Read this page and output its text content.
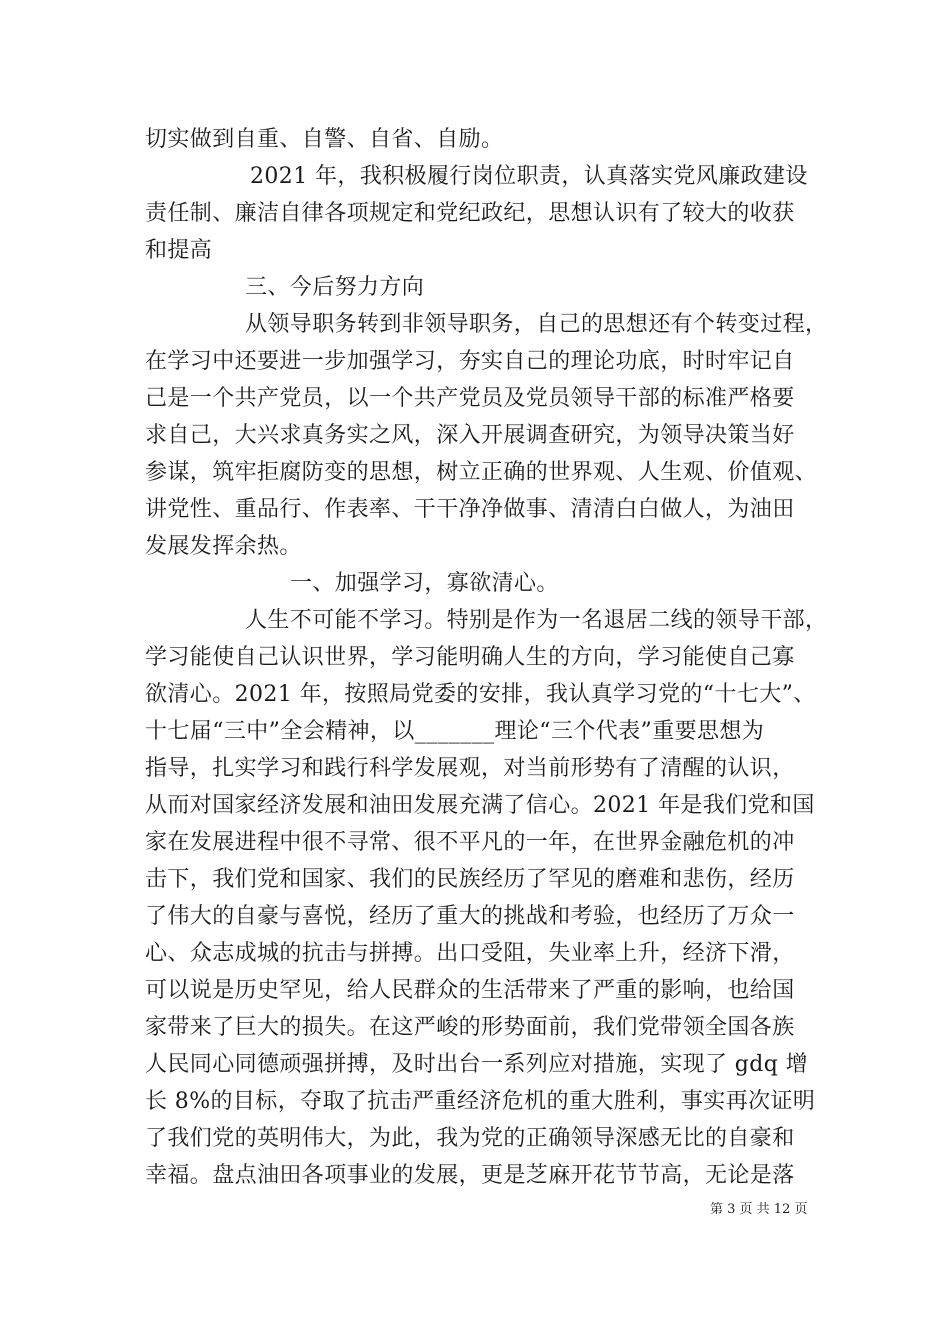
切实做到自重、自警、自省、自励。
2021 年，我积极履行岗位职责，认真落实党风廉政建设
责任制、廉洁自律各项规定和党纪政纪，思想认识有了较大的收获
和提高
三、今后努力方向
从领导职务转到非领导职务，自己的思想还有个转变过程，
在学习中还要进一步加强学习，夯实自己的理论功底，时时牢记自
己是一个共产党员，以一个共产党员及党员领导干部的标准严格要
求自己，大兴求真务实之风，深入开展调查研究，为领导决策当好
参谋，筑牢拒腐防变的思想，树立正确的世界观、人生观、价值观、
讲党性、重品行、作表率、干干净净做事、清清白白做人，为油田
发展发挥余热。
一、加强学习，寡欲清心。
人生不可能不学习。特别是作为一名退居二线的领导干部，
学习能使自己认识世界，学习能明确人生的方向，学习能使自己寡
欲清心。2021 年，按照局党委的安排，我认真学习党的“十七大”、
十七届“三中”全会精神，以_______理论“三个代表”重要思想为
指导，扎实学习和践行科学发展观，对当前形势有了清醒的认识，
从而对国家经济发展和油田发展充满了信心。2021 年是我们党和国
家在发展进程中很不寻常、很不平凡的一年，在世界金融危机的冲
击下，我们党和国家、我们的民族经历了罕见的磨难和悲伤，经历
了伟大的自豪与喜悦，经历了重大的挑战和考验，也经历了万众一
心、众志成城的抗击与拼搏。出口受阻，失业率上升，经济下滑，
可以说是历史罕见，给人民群众的生活带来了严重的影响，也给国
家带来了巨大的损失。在这严峻的形势面前，我们党带领全国各族
人民同心同德顽强拼搏，及时出台一系列应对措施，实现了 gdq 增
长 8%的目标，夺取了抗击严重经济危机的重大胜利，事实再次证明
了我们党的英明伟大，为此，我为党的正确领导深感无比的自豪和
幸福。盘点油田各项事业的发展，更是芝麻开花节节高，无论是落
第 3 页 共 12 页
